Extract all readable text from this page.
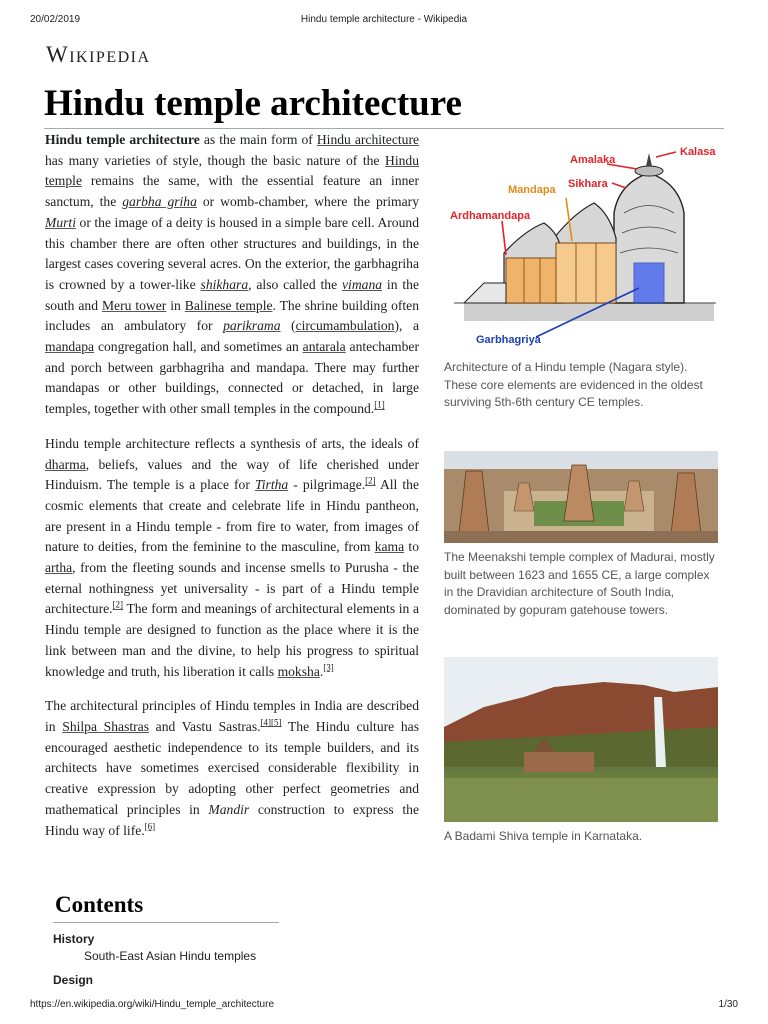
20/02/2019	Hindu temple architecture - Wikipedia
Wikipedia
Hindu temple architecture

Hindu temple architecture as the main form of Hindu architecture has many varieties of style, though the basic nature of the Hindu temple remains the same, with the essential feature an inner sanctum, the garbha griha or womb-chamber, where the primary Murti or the image of a deity is housed in a simple bare cell. Around this chamber there are often other structures and buildings, in the largest cases covering several acres. On the exterior, the garbhagriha is crowned by a tower-like shikhara, also called the vimana in the south and Meru tower in Balinese temple. The shrine building often includes an ambulatory for parikrama (circumambulation), a mandapa congregation hall, and sometimes an antarala antechamber and porch between garbhagriha and mandapa. There may further mandapas or other buildings, connected or detached, in large temples, together with other small temples in the compound.[1]

Hindu temple architecture reflects a synthesis of arts, the ideals of dharma, beliefs, values and the way of life cherished under Hinduism. The temple is a place for Tirtha - pilgrimage.[2] All the cosmic elements that create and celebrate life in Hindu pantheon, are present in a Hindu temple - from fire to water, from images of nature to deities, from the feminine to the masculine, from kama to artha, from the fleeting sounds and incense smells to Purusha - the eternal nothingness yet universality - is part of a Hindu temple architecture.[2] The form and meanings of architectural elements in a Hindu temple are designed to function as the place where it is the link between man and the divine, to help his progress to spiritual knowledge and truth, his liberation it calls moksha.[3]

The architectural principles of Hindu temples in India are described in Shilpa Shastras and Vastu Sastras.[4][5] The Hindu culture has encouraged aesthetic independence to its temple builders, and its architects have sometimes exercised considerable flexibility in creative expression by adopting other perfect geometries and mathematical principles in Mandir construction to express the Hindu way of life.[6]

Kalasa
Amalaka
Sikhara
Mandapa
Ardhamandapa
Garbhagriya
Architecture of a Hindu temple (Nagara style). These core elements are evidenced in the oldest surviving 5th-6th century CE temples.
The Meenakshi temple complex of Madurai, mostly built between 1623 and 1655 CE, a large complex in the Dravidian architecture of South India, dominated by gopuram gatehouse towers.
A Badami Shiva temple in Karnataka.
Contents
History
South-East Asian Hindu temples
Design
https://en.wikipedia.org/wiki/Hindu_temple_architecture	1/30
